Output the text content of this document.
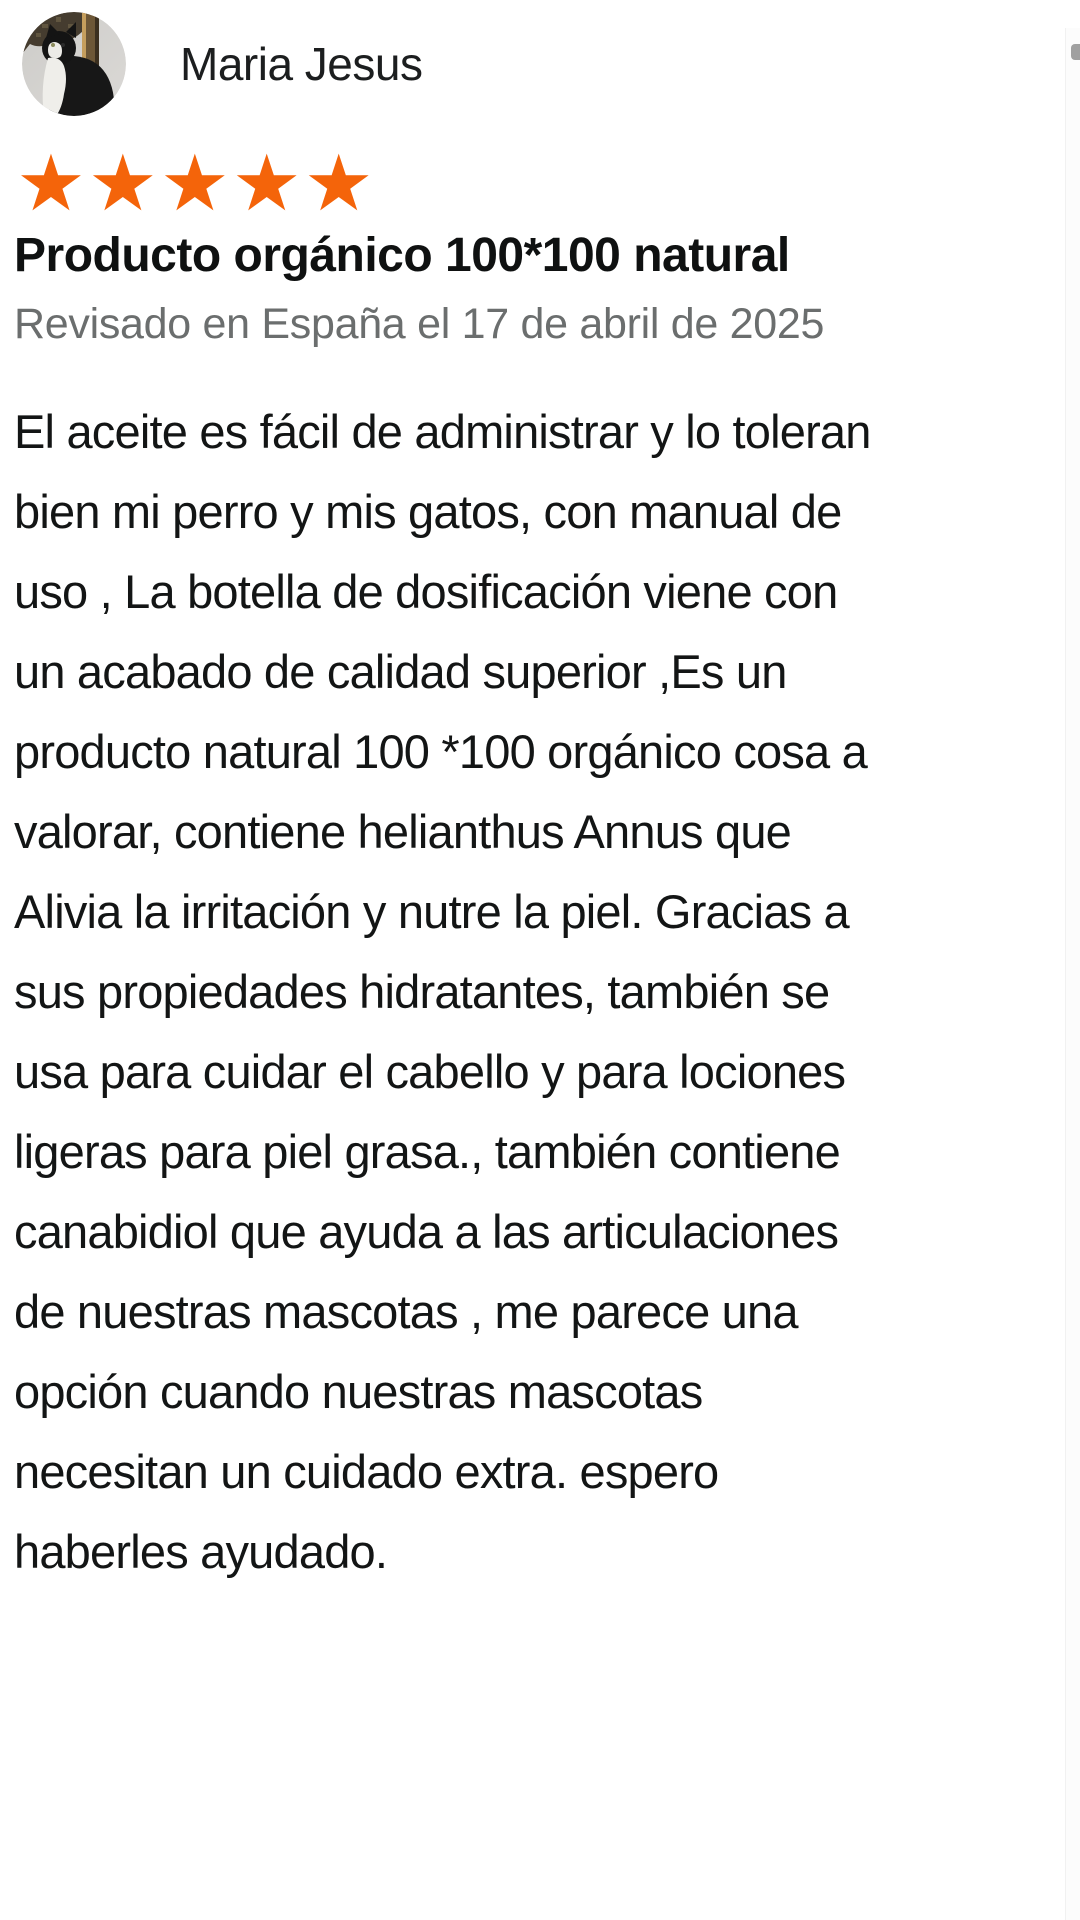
Maria Jesus
★★★★★
Producto orgánico 100*100 natural
Revisado en España el 17 de abril de 2025
El aceite es fácil de administrar y lo toleran
bien mi perro y mis gatos, con manual de
uso , La botella de dosificación viene con
un acabado de calidad superior ,Es un
producto natural 100 *100 orgánico cosa a
valorar, contiene helianthus Annus que
Alivia la irritación y nutre la piel. Gracias a
sus propiedades hidratantes, también se
usa para cuidar el cabello y para lociones
ligeras para piel grasa., también contiene
canabidiol que ayuda a las articulaciones
de nuestras mascotas , me parece una
opción cuando nuestras mascotas
necesitan un cuidado extra. espero
haberles ayudado.
